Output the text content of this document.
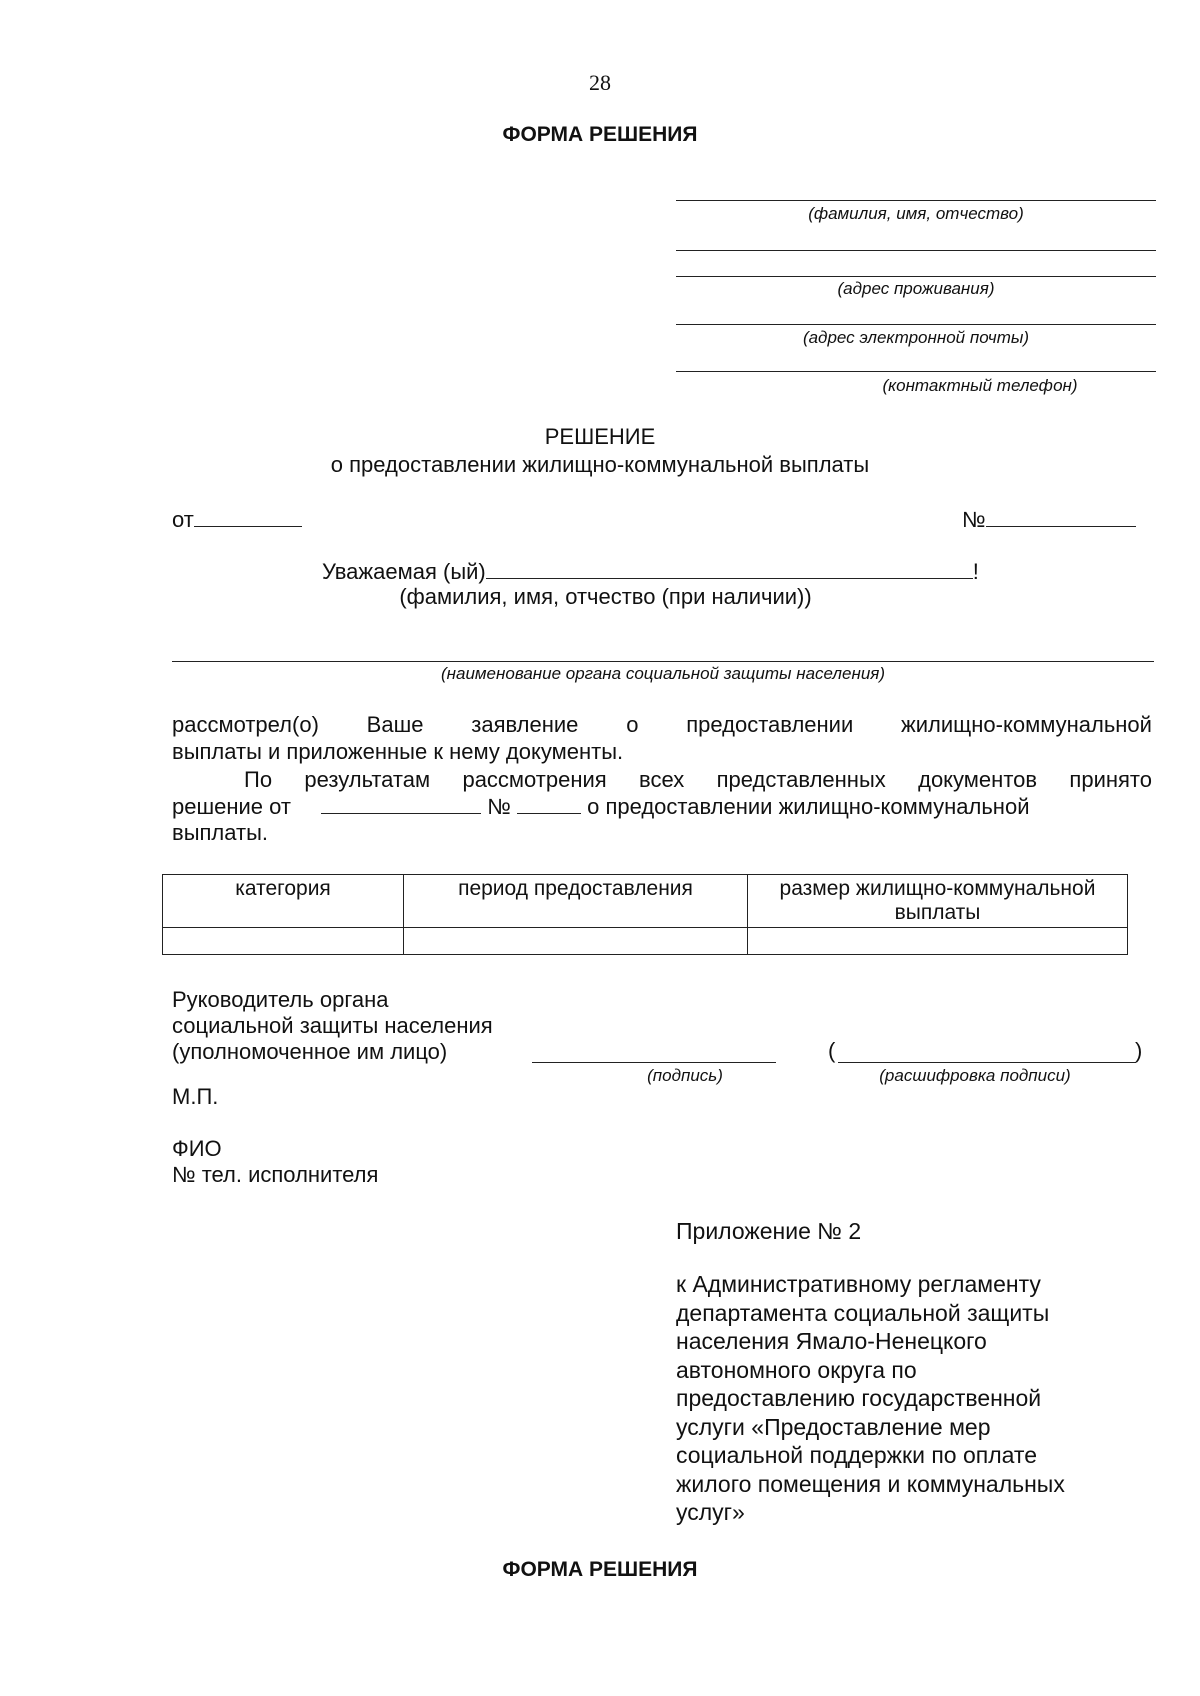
28
ФОРМА РЕШЕНИЯ
(фамилия, имя, отчество)
(адрес проживания)
(адрес электронной почты)
(контактный телефон)
РЕШЕНИЕ
о предоставлении жилищно-коммунальной выплаты
от	№
Уважаемая (ый)	!
(фамилия, имя, отчество (при наличии))
(наименование органа социальной защиты населения)
рассмотрел(о) Ваше заявление о предоставлении жилищно-коммунальной
выплаты и приложенные к нему документы.
По результатам рассмотрения всех представленных документов принято
решение от	№	о предоставлении жилищно-коммунальной
выплаты.
категория	период предоставления	размер жилищно-коммунальной выплаты

Руководитель органа
социальной защиты населения
(уполномоченное им лицо)
(подпись)
(	)
(расшифровка подписи)
М.П.
ФИО
№ тел. исполнителя
Приложение № 2
к Административному регламенту
департамента социальной защиты
населения Ямало-Ненецкого
автономного округа по
предоставлению государственной
услуги «Предоставление мер
социальной поддержки по оплате
жилого помещения и коммунальных
услуг»
ФОРМА РЕШЕНИЯ
